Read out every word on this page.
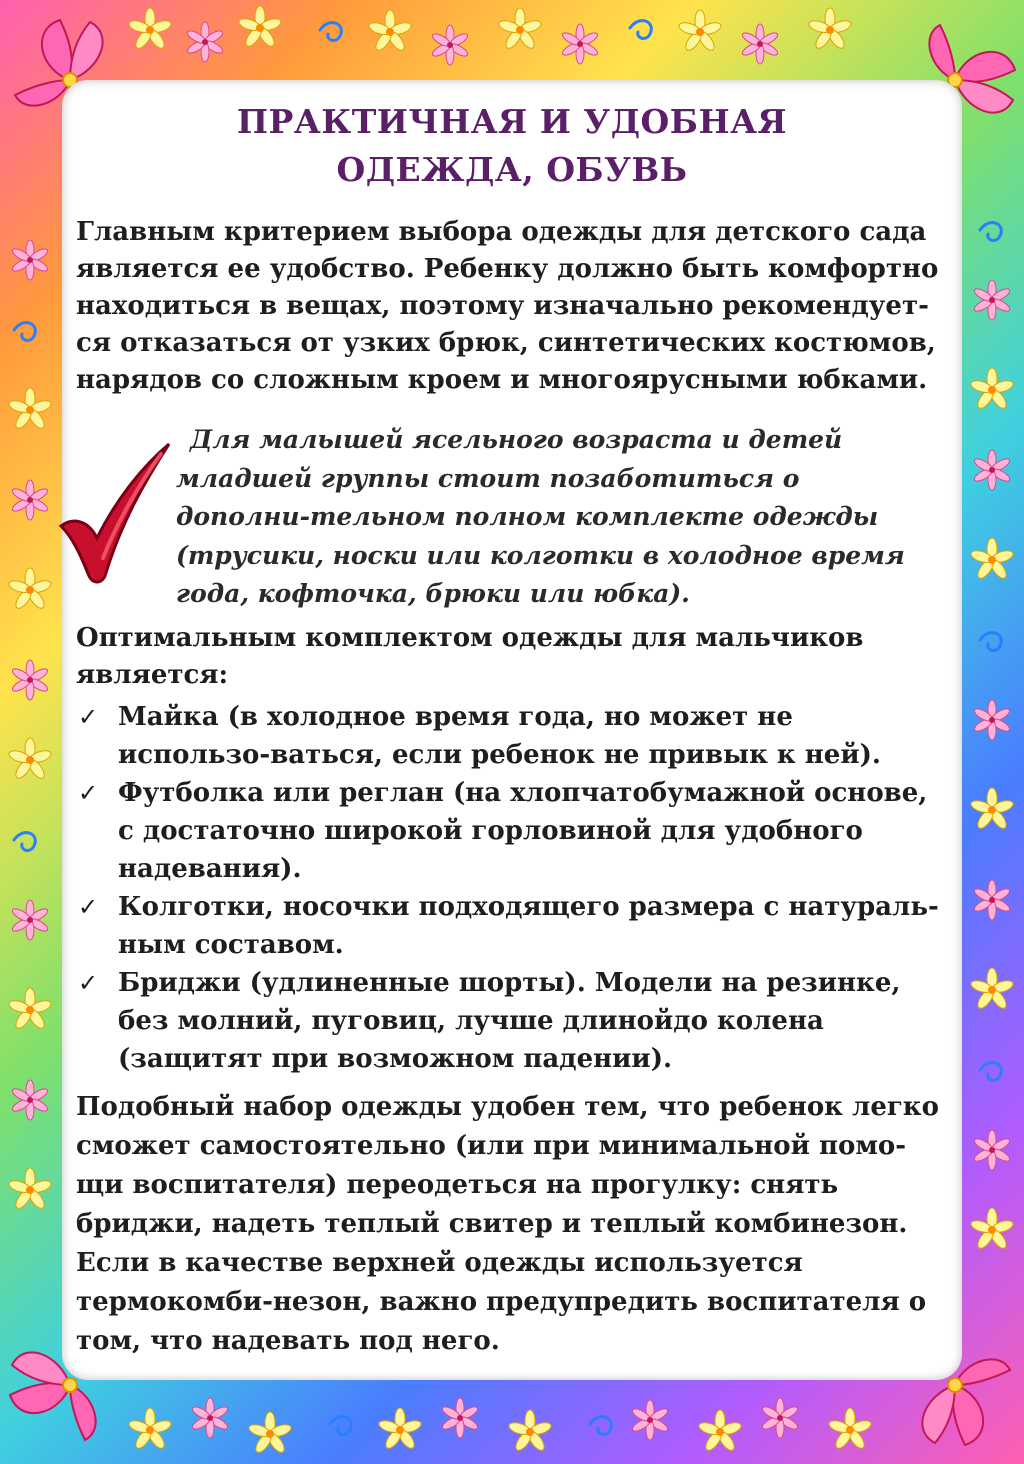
ПРАКТИЧНАЯ И УДОБНАЯ
ОДЕЖДА, ОБУВЬ

Главным критерием выбора одежды для детского сада

является ее удобство. Ребенку должно быть комфортно

находиться в вещах, поэтому изначально рекомендует-

ся отказаться от узких брюк, синтетических костюмов,

нарядов со сложным кроем и многоярусными юбками.

Для малышей ясельного возраста и детей

младшей группы стоит позаботиться о

дополни-тельном полном комплекте одежды

(трусики, носки или колготки в холодное время

года, кофточка, брюки или юбка).

Оптимальным комплектом одежды для мальчиков

является:

✓ Майка (в холодное время года, но может не

использо-ваться, если ребенок не привык к ней).

✓ Футболка или реглан (на хлопчатобумажной основе,

с достаточно широкой горловиной для удобного

надевания).

✓ Колготки, носочки подходящего размера с натураль-

ным составом.

✓ Бриджи (удлиненные шорты). Модели на резинке,

без молний, пуговиц, лучше длинойдо колена

(защитят при возможном падении).

Подобный набор одежды удобен тем, что ребенок легко

сможет самостоятельно (или при минимальной помо-

щи воспитателя) переодеться на прогулку: снять

бриджи, надеть теплый свитер и теплый комбинезон.

Если в качестве верхней одежды используется

термокомби-незон, важно предупредить воспитателя о

том, что надевать под него.
